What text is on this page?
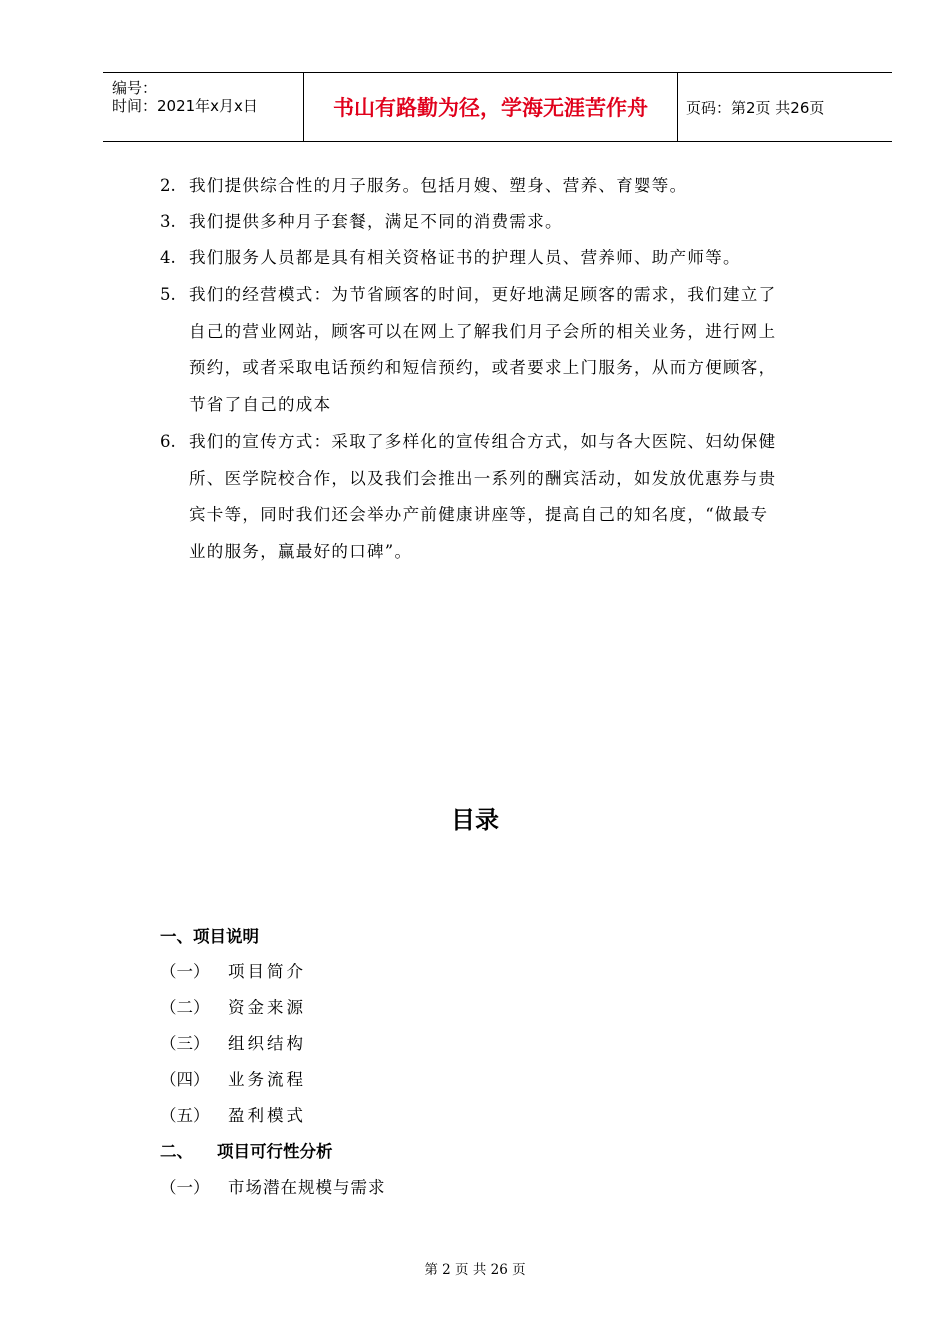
编号：
时间：2021年x月x日	书山有路勤为径，学海无涯苦作舟	页码：第2页 共26页
2. 我们提供综合性的月子服务。包括月嫂、塑身、营养、育婴等。
3. 我们提供多种月子套餐，满足不同的消费需求。
4. 我们服务人员都是具有相关资格证书的护理人员、营养师、助产师等。
5. 我们的经营模式：为节省顾客的时间，更好地满足顾客的需求，我们建立了
自己的营业网站，顾客可以在网上了解我们月子会所的相关业务，进行网上
预约，或者采取电话预约和短信预约，或者要求上门服务，从而方便顾客，
节省了自己的成本
6. 我们的宣传方式：采取了多样化的宣传组合方式，如与各大医院、妇幼保健
所、医学院校合作，以及我们会推出一系列的酬宾活动，如发放优惠券与贵
宾卡等，同时我们还会举办产前健康讲座等，提高自己的知名度，“做最专
业的服务，赢最好的口碑”。
目录
一、项目说明
（一） 项目简介
（二） 资金来源
（三） 组织结构
（四） 业务流程
（五） 盈利模式
二、 项目可行性分析
（一） 市场潜在规模与需求
第 2 页 共 26 页
